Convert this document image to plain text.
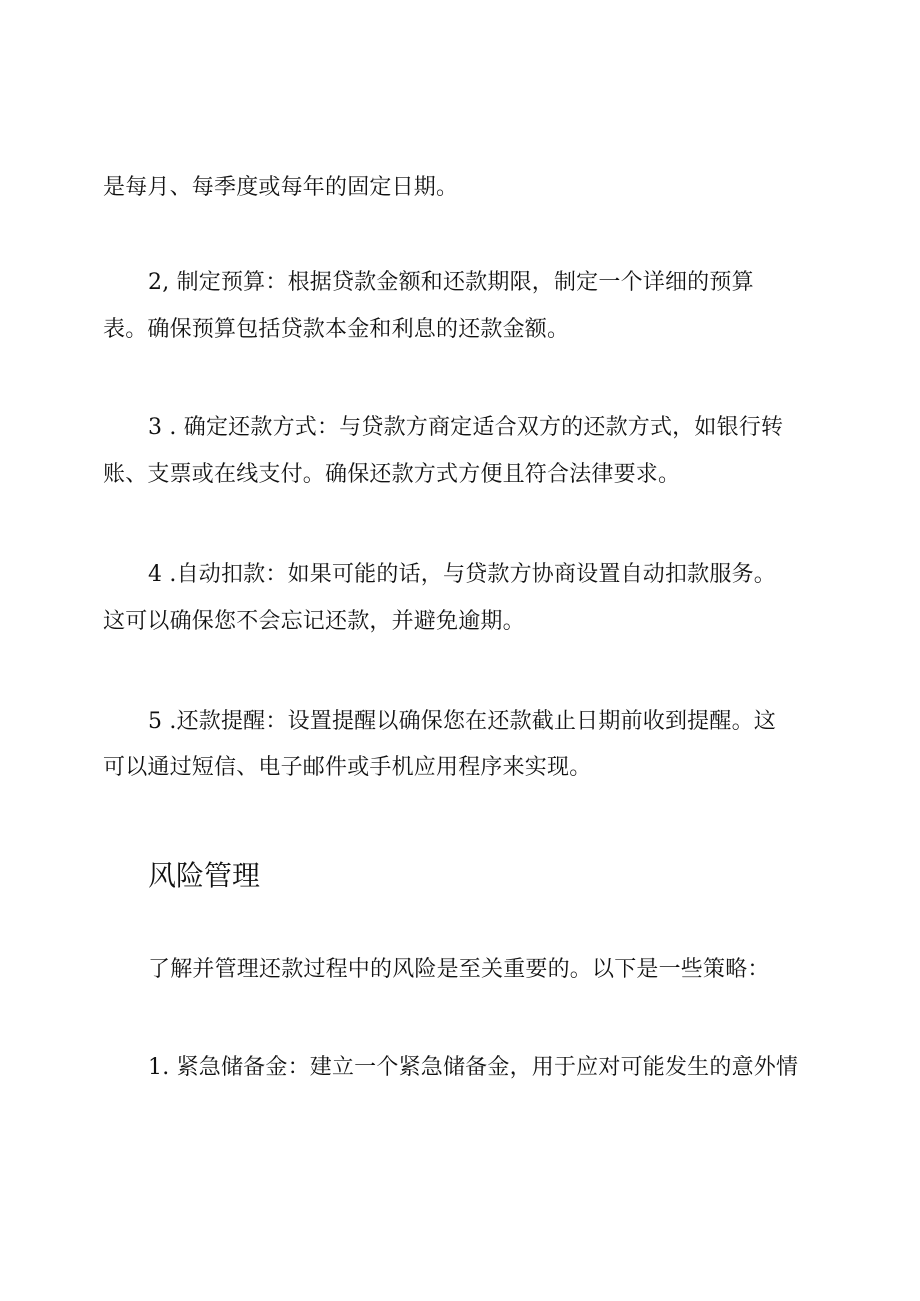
是每月、每季度或每年的固定日期。
2, 制定预算：根据贷款金额和还款期限，制定一个详细的预算
表。确保预算包括贷款本金和利息的还款金额。
3 . 确定还款方式：与贷款方商定适合双方的还款方式，如银行转
账、支票或在线支付。确保还款方式方便且符合法律要求。
4 .自动扣款：如果可能的话，与贷款方协商设置自动扣款服务。
这可以确保您不会忘记还款，并避免逾期。
5 .还款提醒：设置提醒以确保您在还款截止日期前收到提醒。这
可以通过短信、电子邮件或手机应用程序来实现。
风险管理
了解并管理还款过程中的风险是至关重要的。以下是一些策略：
1. 紧急储备金：建立一个紧急储备金，用于应对可能发生的意外情
